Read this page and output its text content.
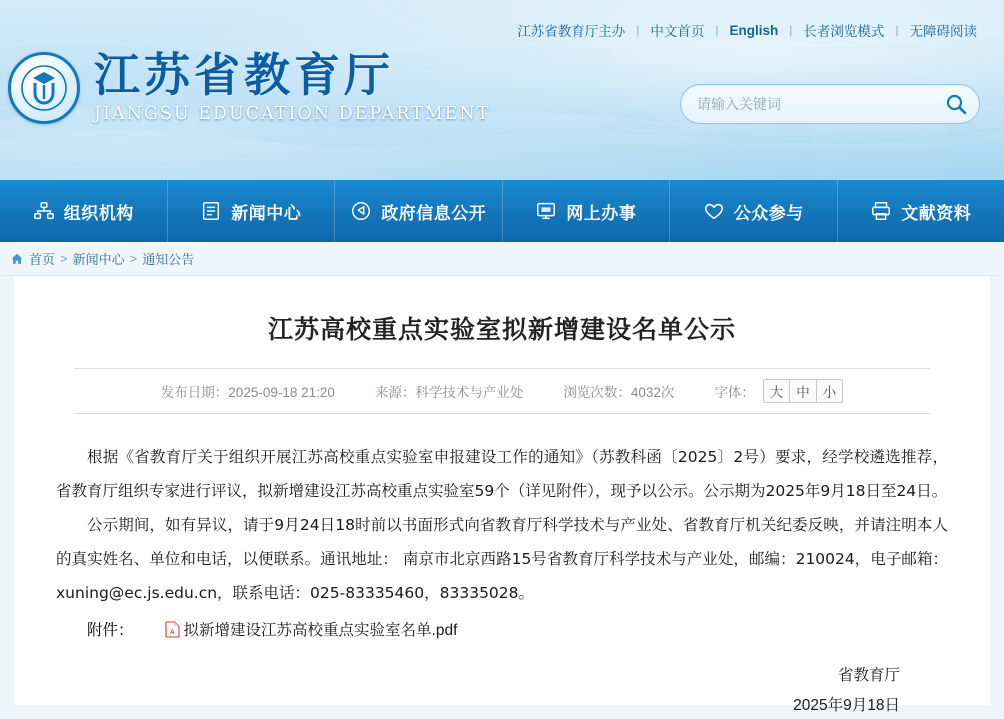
江苏省教育厅主办 | 中文首页 | English | 长者浏览模式 | 无障碍阅读
江苏省教育厅
JIANGSU EDUCATION DEPARTMENT
请输入关键词
组织机构	新闻中心	政府信息公开	网上办事	公众参与	文献资料
首页 > 新闻中心 > 通知公告
江苏高校重点实验室拟新增建设名单公示
发布日期：2025-09-18 21:20	来源：科学技术与产业处	浏览次数：4032次	字体：	大 中 小

根据《省教育厅关于组织开展江苏高校重点实验室申报建设工作的通知》（苏教科函〔2025〕2号）要求，经学校遴选推荐，省教育厅组织专家进行评议，拟新增建设江苏高校重点实验室59个（详见附件），现予以公示。公示期为2025年9月18日至24日。

公示期间，如有异议，请于9月24日18时前以书面形式向省教育厅科学技术与产业处、省教育厅机关纪委反映，并请注明本人的真实姓名、单位和电话，以便联系。通讯地址： 南京市北京西路15号省教育厅科学技术与产业处，邮编：210024，电子邮箱：xuning@ec.js.edu.cn，联系电话：025-83335460，83335028。

附件：	A 拟新增建设江苏高校重点实验室名单.pdf
省教育厅
2025年9月18日
